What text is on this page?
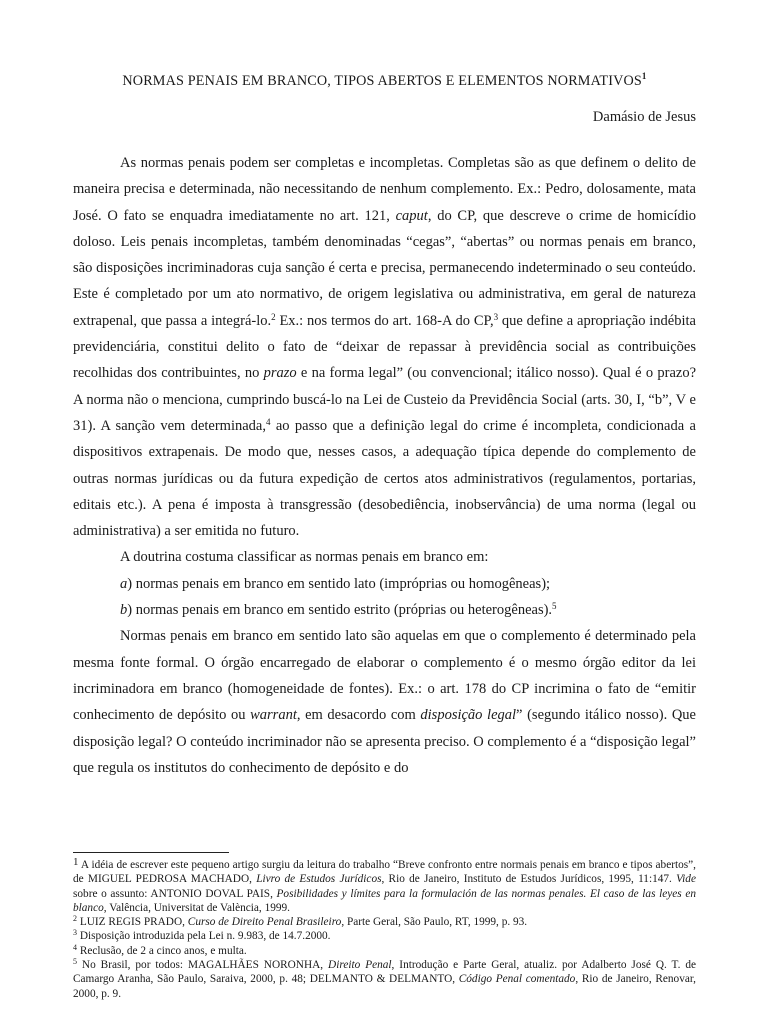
NORMAS PENAIS EM BRANCO, TIPOS ABERTOS E ELEMENTOS NORMATIVOS$^1$
Damásio de Jesus

As normas penais podem ser completas e incompletas. Completas são as que definem o delito de maneira precisa e determinada, não necessitando de nenhum complemento. Ex.: Pedro, dolosamente, mata José. O fato se enquadra imediatamente no art. 121, caput, do CP, que descreve o crime de homicídio doloso. Leis penais incompletas, também denominadas “cegas”, “abertas” ou normas penais em branco, são disposições incriminadoras cuja sanção é certa e precisa, permanecendo indeterminado o seu conteúdo. Este é completado por um ato normativo, de origem legislativa ou administrativa, em geral de natureza extrapenal, que passa a integrá-lo.$^2$ Ex.: nos termos do art. 168-A do CP,$^3$ que define a apropriação indébita previdenciária, constitui delito o fato de “deixar de repassar à previdência social as contribuições recolhidas dos contribuintes, no prazo e na forma legal” (ou convencional; itálico nosso). Qual é o prazo? A norma não o menciona, cumprindo buscá-lo na Lei de Custeio da Previdência Social (arts. 30, I, “b”, V e 31). A sanção vem determinada,$^4$ ao passo que a definição legal do crime é incompleta, condicionada a dispositivos extrapenais. De modo que, nesses casos, a adequação típica depende do complemento de outras normas jurídicas ou da futura expedição de certos atos administrativos (regulamentos, portarias, editais etc.). A pena é imposta à transgressão (desobediência, inobservância) de uma norma (legal ou administrativa) a ser emitida no futuro.

A doutrina costuma classificar as normas penais em branco em:

a) normas penais em branco em sentido lato (impróprias ou homogêneas);

b) normas penais em branco em sentido estrito (próprias ou heterogêneas).$^5$

Normas penais em branco em sentido lato são aquelas em que o complemento é determinado pela mesma fonte formal. O órgão encarregado de elaborar o complemento é o mesmo órgão editor da lei incriminadora em branco (homogeneidade de fontes). Ex.: o art. 178 do CP incrimina o fato de “emitir conhecimento de depósito ou warrant, em desacordo com disposição legal” (segundo itálico nosso). Que disposição legal? O conteúdo incriminador não se apresenta preciso. O complemento é a “disposição legal” que regula os institutos do conhecimento de depósito e do

$^1$ A idéia de escrever este pequeno artigo surgiu da leitura do trabalho “Breve confronto entre normais penais em branco e tipos abertos”, de MIGUEL PEDROSA MACHADO, Livro de Estudos Jurídicos, Rio de Janeiro, Instituto de Estudos Jurídicos, 1995, 11:147. Vide sobre o assunto: ANTONIO DOVAL PAIS, Posibilidades y límites para la formulación de las normas penales. El caso de las leyes en blanco, Valência, Universitat de València, 1999.

$^2$ LUIZ REGIS PRADO, Curso de Direito Penal Brasileiro, Parte Geral, São Paulo, RT, 1999, p. 93.

$^3$ Disposição introduzida pela Lei n. 9.983, de 14.7.2000.

$^4$ Reclusão, de 2 a cinco anos, e multa.

$^5$ No Brasil, por todos: MAGALHÃES NORONHA, Direito Penal, Introdução e Parte Geral, atualiz. por Adalberto José Q. T. de Camargo Aranha, São Paulo, Saraiva, 2000, p. 48; DELMANTO & DELMANTO, Código Penal comentado, Rio de Janeiro, Renovar, 2000, p. 9.
